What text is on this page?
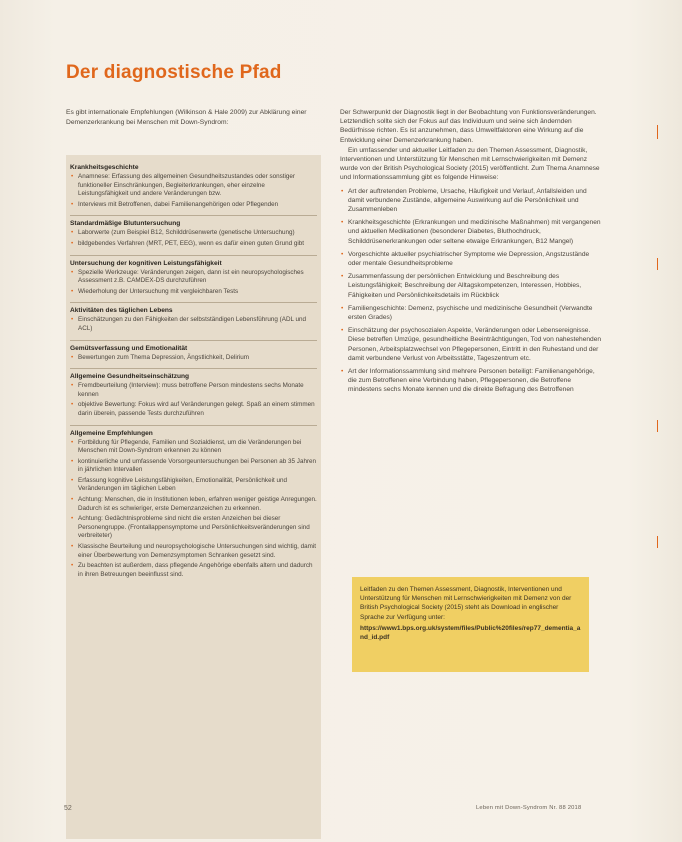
Der diagnostische Pfad
Es gibt internationale Empfehlungen (Wilkinson & Hale 2009) zur Abklärung einer Demenzerkrankung bei Menschen mit Down-Syndrom:
Krankheitsgeschichte
• Anamnese: Erfassung des allgemeinen Gesundheitszustandes oder sonstiger funktioneller Einschränkungen, Begleiterkrankungen, eher einzelne Leistungsfähigkeit und andere Veränderungen bzw.
• Interviews mit Betroffenen, dabei Familienangehörigen oder Pflegenden
Standardmäßige Blutuntersuchung
• Laborwerte (zum Beispiel B12, Schilddrüsenwerte (genetische Untersuchung)
• bildgebendes Verfahren (MRT, PET, EEG), wenn es dafür einen guten Grund gibt
Untersuchung der kognitiven Leistungsfähigkeit
• Spezielle Werkzeuge: Veränderungen zeigen, dann ist ein neuropsychologisches Assessment z.B. CAMDEX-DS durchzuführen
• Wiederholung der Untersuchung mit vergleichbaren Tests
Aktivitäten des täglichen Lebens
• Einschätzungen zu den Fähigkeiten der selbstständigen Lebensführung (ADL und ACL)
Gemütsverfassung und Emotionalität
• Bewertungen zum Thema Depression, Ängstlichkeit, Delirium
Allgemeine Gesundheitseinschätzung
• Fremdbeurteilung (Interview): muss betroffene Person mindestens sechs Monate kennen
• objektive Bewertung: Fokus wird auf Veränderungen gelegt. Spaß an einem stimmen darin überein, passende Tests durchzuführen
Allgemeine Empfehlungen
• Fortbildung für Pflegende, Familien und Sozialdienst, um die Veränderungen bei Menschen mit Down-Syndrom erkennen zu können
• kontinuierliche und umfassende Vorsorgeuntersuchungen bei Personen ab 35 Jahren in jährlichen Intervallen
• Erfassung kognitive Leistungsfähigkeiten, Emotionalität, Persönlichkeit und Veränderungen im täglichen Leben
• Achtung: Menschen, die in Institutionen leben, erfahren weniger geistige Anregungen. Dadurch ist es schwieriger, erste Demenzanzeichen zu erkennen.
• Achtung: Gedächtnisprobleme sind nicht die ersten Anzeichen bei dieser Personengruppe. (Frontallappensymptome und Persönlichkeitsveränderungen sind verbreiteter)
• Klassische Beurteilung und neuropsychologische Untersuchungen sind wichtig, damit einer Überbewertung von Demenzsymptomen Schranken gesetzt sind.
• Zu beachten ist außerdem, dass pflegende Angehörige ebenfalls altern und dadurch in ihren Betreuungen beeinflusst sind.

Der Schwerpunkt der Diagnostik liegt in der Beobachtung von Funktionsveränderungen. Letztendlich sollte sich der Fokus auf das Individuum und seine sich ändernden Bedürfnisse richten. Es ist anzunehmen, dass Umweltfaktoren eine Wirkung auf die Entwicklung einer Demenzerkrankung haben.

Ein umfassender und aktueller Leitfaden zu den Themen Assessment, Diagnostik, Interventionen und Unterstützung für Menschen mit Lernschwierigkeiten mit Demenz wurde von der British Psychological Society (2015) veröffentlicht. Zum Thema Anamnese und Informationssammlung gibt es folgende Hinweise:

• Art der auftretenden Probleme, Ursache, Häufigkeit und Verlauf, Anfallsleiden und damit verbundene Zustände, allgemeine Auswirkung auf die Persönlichkeit und Zusammenleben
• Krankheitsgeschichte (Erkrankungen und medizinische Maßnahmen) mit vergangenen und aktuellen Medikationen (besonderer Diabetes, Bluthochdruck, Schilddrüsenerkrankungen oder seltene etwaige Erkrankungen, B12 Mangel)
• Vorgeschichte aktueller psychiatrischer Symptome wie Depression, Angstzustände oder mentale Gesundheitsprobleme
• Zusammenfassung der persönlichen Entwicklung und Beschreibung des Leistungsfähigkeit; Beschreibung der Alltagskompetenzen, Interessen, Hobbies, Fähigkeiten und Persönlichkeitsdetails im Rückblick
• Familiengeschichte: Demenz, psychische und medizinische Gesundheit (Verwandte ersten Grades)
• Einschätzung der psychosozialen Aspekte, Veränderungen oder Lebensereignisse. Diese betreffen Umzüge, gesundheitliche Beeinträchtigungen, Tod von nahestehenden Personen, Arbeitsplatzwechsel von Pflegepersonen, Eintritt in den Ruhestand und der damit verbundene Verlust von Arbeitsstätte, Tageszentrum etc.
• Art der Informationssammlung sind mehrere Personen beteiligt: Familienangehörige, die zum Betroffenen eine Verbindung haben, Pflegepersonen, die Betroffene mindestens sechs Monate kennen und die direkte Befragung des Betroffenen
Leitfaden zu den Themen Assessment, Diagnostik, Interventionen und Unterstützung für Menschen mit Lernschwierigkeiten mit Demenz von der British Psychological Society (2015) steht als Download in englischer Sprache zur Verfügung unter:
https://www1.bps.org.uk/system/files/Public%20files/rep77_dementia_and_id.pdf
52	Leben mit Down-Syndrom Nr. 88 2018
